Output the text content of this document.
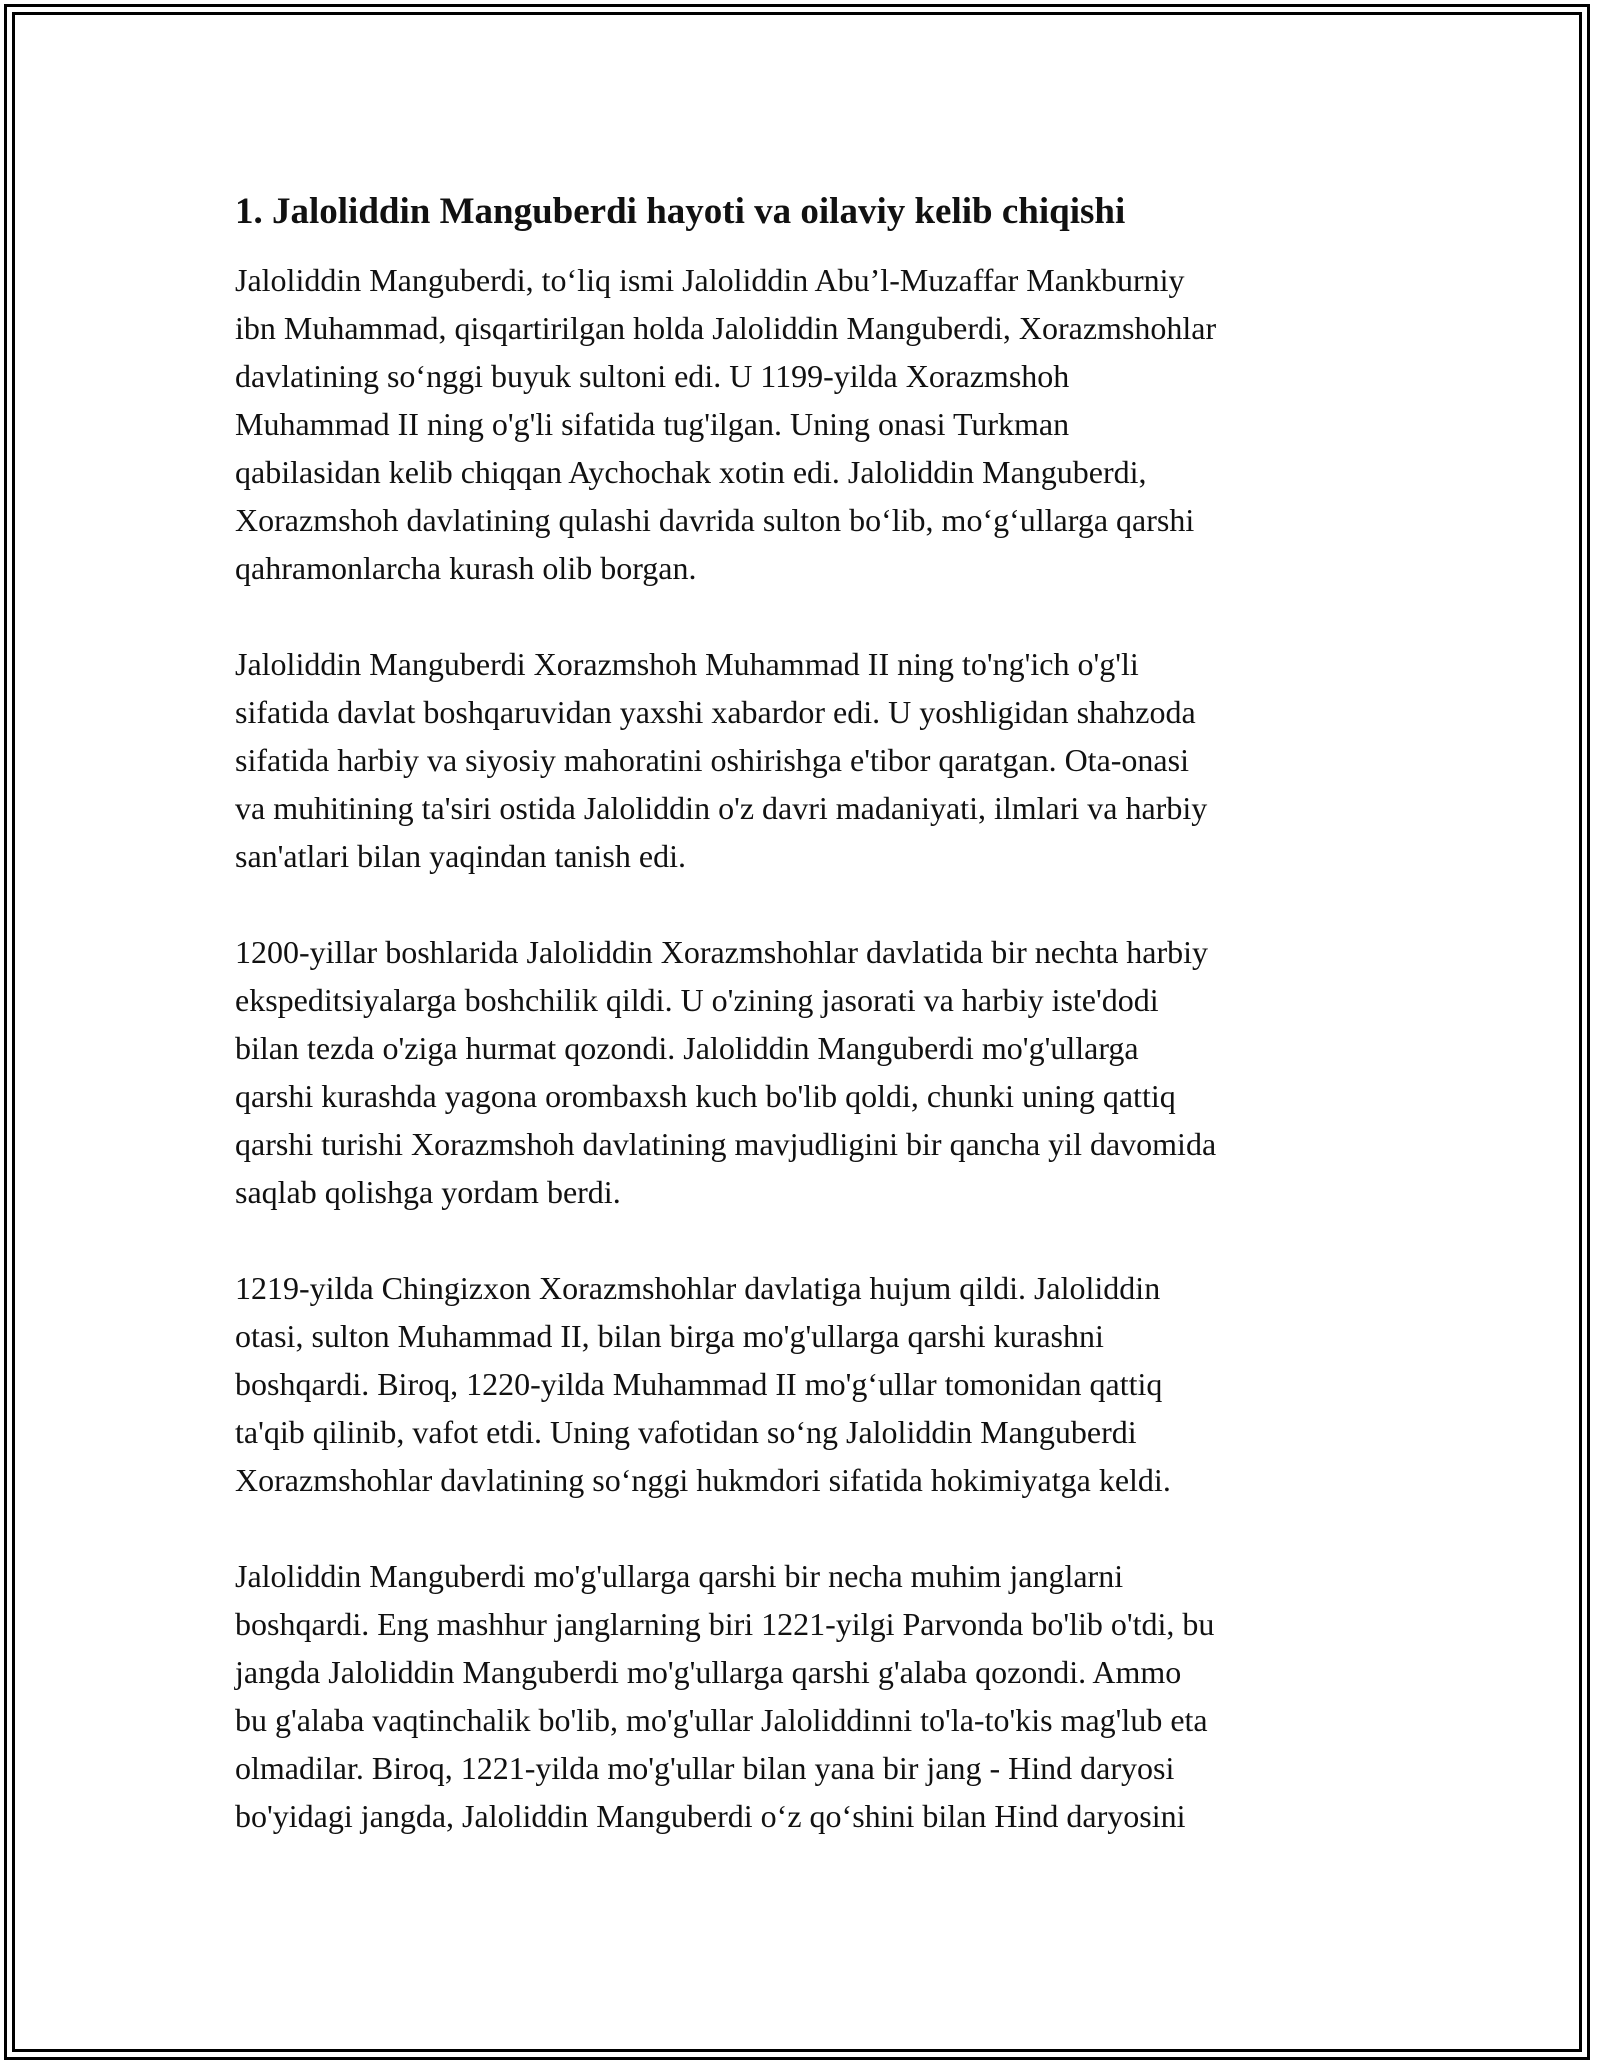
1. Jaloliddin Manguberdi hayoti va oilaviy kelib chiqishi
Jaloliddin Manguberdi, to‘liq ismi Jaloliddin Abu’l-Muzaffar Mankburniy
ibn Muhammad, qisqartirilgan holda Jaloliddin Manguberdi, Xorazmshohlar
davlatining so‘nggi buyuk sultoni edi. U 1199-yilda Xorazmshoh
Muhammad II ning o'g'li sifatida tug'ilgan. Uning onasi Turkman
qabilasidan kelib chiqqan Aychochak xotin edi. Jaloliddin Manguberdi,
Xorazmshoh davlatining qulashi davrida sulton bo‘lib, mo‘g‘ullarga qarshi
qahramonlarcha kurash olib borgan.
Jaloliddin Manguberdi Xorazmshoh Muhammad II ning to'ng'ich o'g'li
sifatida davlat boshqaruvidan yaxshi xabardor edi. U yoshligidan shahzoda
sifatida harbiy va siyosiy mahoratini oshirishga e'tibor qaratgan. Ota-onasi
va muhitining ta'siri ostida Jaloliddin o'z davri madaniyati, ilmlari va harbiy
san'atlari bilan yaqindan tanish edi.
1200-yillar boshlarida Jaloliddin Xorazmshohlar davlatida bir nechta harbiy
ekspeditsiyalarga boshchilik qildi. U o'zining jasorati va harbiy iste'dodi
bilan tezda o'ziga hurmat qozondi. Jaloliddin Manguberdi mo'g'ullarga
qarshi kurashda yagona orombaxsh kuch bo'lib qoldi, chunki uning qattiq
qarshi turishi Xorazmshoh davlatining mavjudligini bir qancha yil davomida
saqlab qolishga yordam berdi.
1219-yilda Chingizxon Xorazmshohlar davlatiga hujum qildi. Jaloliddin
otasi, sulton Muhammad II, bilan birga mo'g'ullarga qarshi kurashni
boshqardi. Biroq, 1220-yilda Muhammad II mo'g‘ullar tomonidan qattiq
ta'qib qilinib, vafot etdi. Uning vafotidan so‘ng Jaloliddin Manguberdi
Xorazmshohlar davlatining so‘nggi hukmdori sifatida hokimiyatga keldi.
Jaloliddin Manguberdi mo'g'ullarga qarshi bir necha muhim janglarni
boshqardi. Eng mashhur janglarning biri 1221-yilgi Parvonda bo'lib o'tdi, bu
jangda Jaloliddin Manguberdi mo'g'ullarga qarshi g'alaba qozondi. Ammo
bu g'alaba vaqtinchalik bo'lib, mo'g'ullar Jaloliddinni to'la-to'kis mag'lub eta
olmadilar. Biroq, 1221-yilda mo'g'ullar bilan yana bir jang - Hind daryosi
bo'yidagi jangda, Jaloliddin Manguberdi o‘z qo‘shini bilan Hind daryosini
